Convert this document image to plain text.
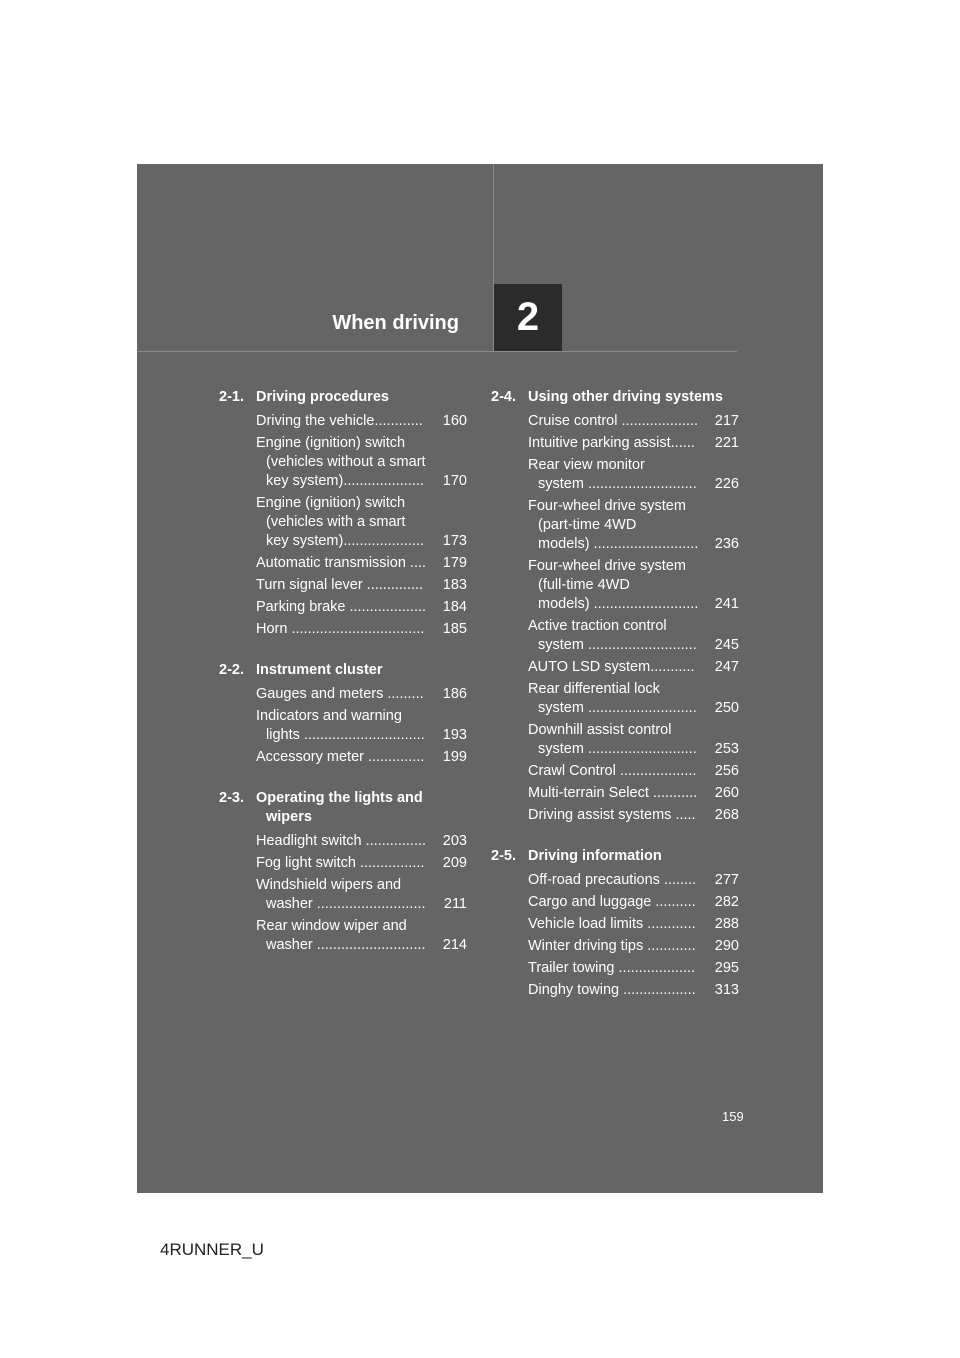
When driving	2
2-1. Driving procedures
Driving the vehicle............	160
Engine (ignition) switch
(vehicles without a smart
key system)....................	170
Engine (ignition) switch
(vehicles with a smart
key system)....................	173
Automatic transmission ....	179
Turn signal lever ..............	183
Parking brake ...................	184
Horn .................................	185
2-2. Instrument cluster
Gauges and meters .........	186
Indicators and warning
lights ..............................	193
Accessory meter ..............	199
2-3. Operating the lights and wipers
Headlight switch ...............	203
Fog light switch ................	209
Windshield wipers and
washer ...........................	211
Rear window wiper and
washer ...........................	214
2-4. Using other driving systems
Cruise control ...................	217
Intuitive parking assist......	221
Rear view monitor
system ...........................	226
Four-wheel drive system
(part-time 4WD
models) ..........................	236
Four-wheel drive system
(full-time 4WD
models) ..........................	241
Active traction control
system ...........................	245
AUTO LSD system...........	247
Rear differential lock
system ...........................	250
Downhill assist control
system ...........................	253
Crawl Control ...................	256
Multi-terrain Select ...........	260
Driving assist systems .....	268
2-5. Driving information
Off-road precautions ........	277
Cargo and luggage ..........	282
Vehicle load limits ............	288
Winter driving tips ............	290
Trailer towing ...................	295
Dinghy towing ..................	313
159
4RUNNER_U
